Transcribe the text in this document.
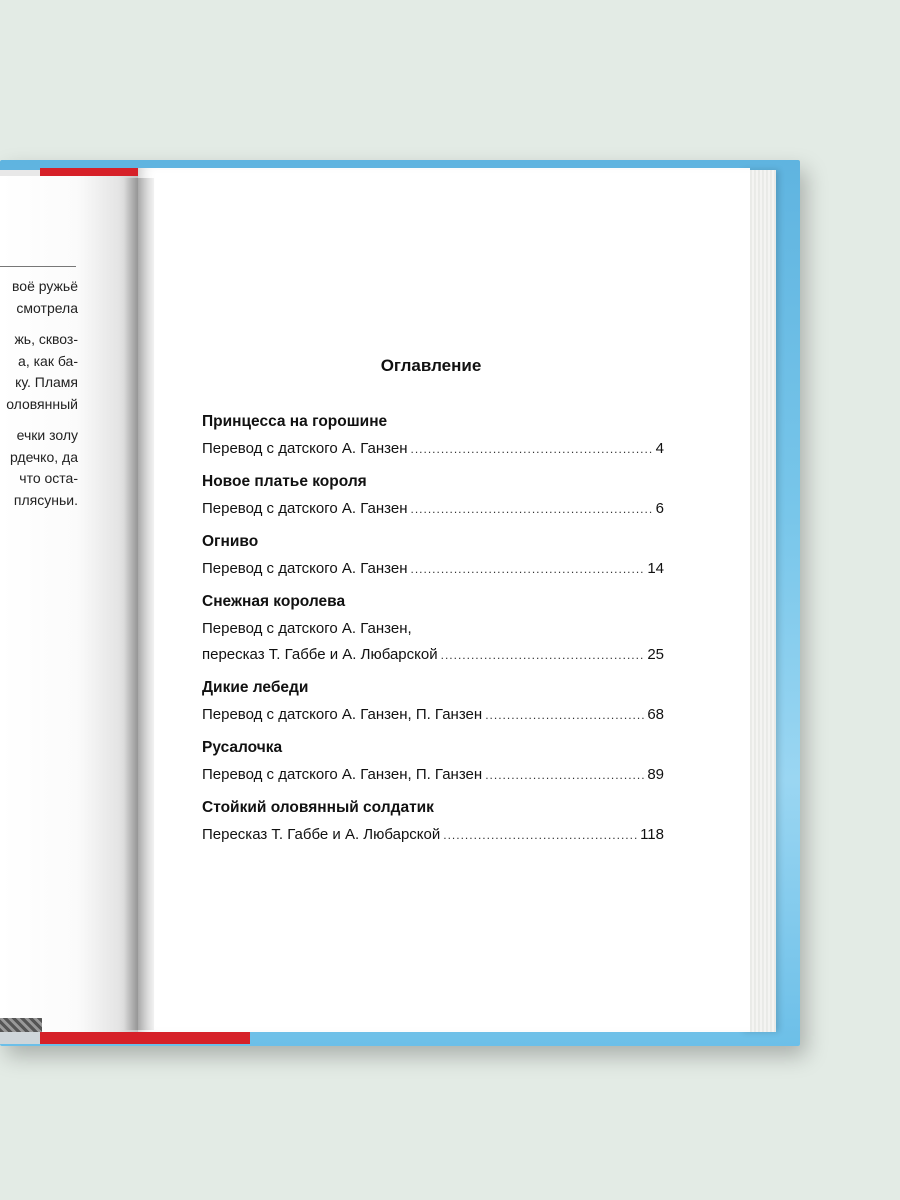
воё ружьё
смотрела
жь, сквоз-
а, как ба-
ку. Пламя
оловянный
ечки золу
рдечко, да
что оста-
плясуньи.
Оглавление
Принцесса на горошине
Перевод с датского А. Ганзен .....	4
Новое платье короля
Перевод с датского А. Ганзен .....	6
Огниво
Перевод с датского А. Ганзен .....	14
Снежная королева
Перевод с датского А. Ганзен,
пересказ Т. Габбе и А. Любарской .....	25
Дикие лебеди
Перевод с датского А. Ганзен, П. Ганзен .....	68
Русалочка
Перевод с датского А. Ганзен, П. Ганзен .....	89
Стойкий оловянный солдатик
Пересказ Т. Габбе и А. Любарской .....	118
